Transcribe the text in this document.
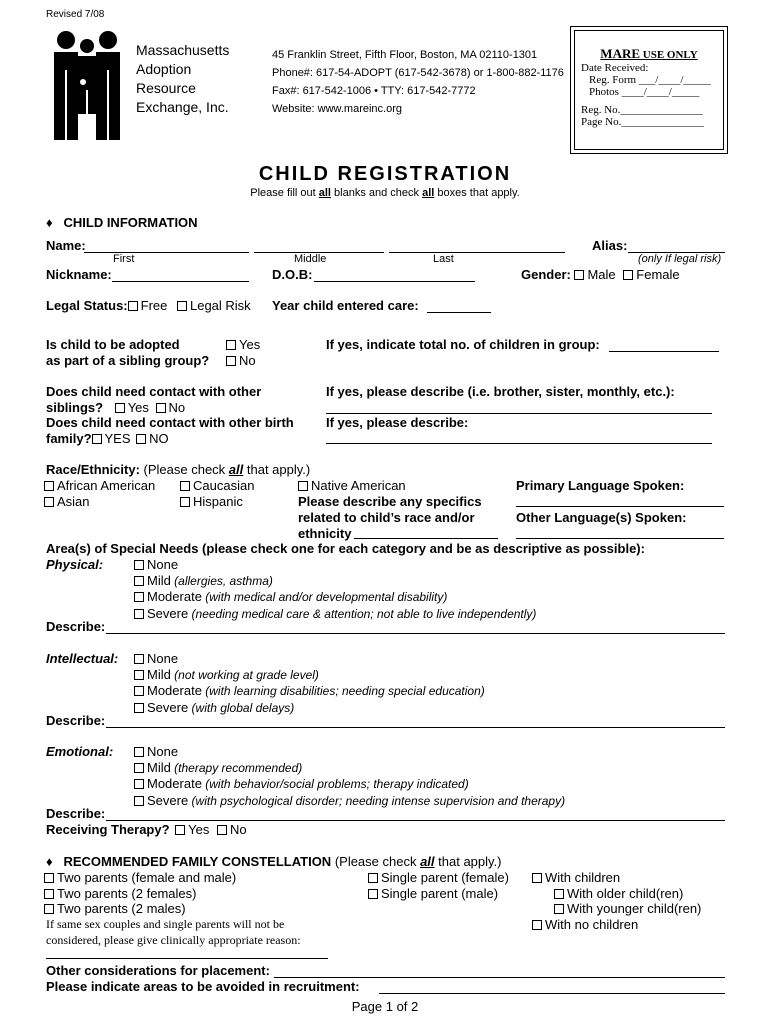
Revised 7/08
Massachusetts
Adoption
Resource
Exchange, Inc.
45 Franklin Street, Fifth Floor, Boston, MA 02110-1301
Phone#: 617-54-ADOPT (617-542-3678) or 1-800-882-1176
Fax#: 617-542-1006 • TTY: 617-542-7772
Website: www.mareinc.org
MARE USE ONLY
Date Received:
Reg. Form ___/____/_____
Photos ____/____/_____
Reg. No._______________
Page No._______________
CHILD REGISTRATION
Please fill out all blanks and check all boxes that apply.
♦ CHILD INFORMATION
Name:	Alias:
First	Middle	Last	(only If legal risk)
Nickname:	D.O.B:	Gender: Male Female
Legal Status: Free Legal Risk Year child entered care:
Is child to be adopted
as part of a sibling group?
Yes
No
If yes, indicate total no. of children in group:
Does child need contact with other
siblings? Yes No
If yes, please describe (i.e. brother, sister, monthly, etc.):
Does child need contact with other birth
family? YES NO
If yes, please describe:
Race/Ethnicity: (Please check all that apply.)
African American
Asian
Caucasian
Hispanic
Native American
Please describe any specifics
related to child’s race and/or
ethnicity
Primary Language Spoken:
Other Language(s) Spoken:
Area(s) of Special Needs (please check one for each category and be as descriptive as possible):
Physical:	None
Mild (allergies, asthma)
Moderate (with medical and/or developmental disability)
Severe (needing medical care & attention; not able to live independently)
Describe:
Intellectual:	None
Mild (not working at grade level)
Moderate (with learning disabilities; needing special education)
Severe (with global delays)
Describe:
Emotional:	None
Mild (therapy recommended)
Moderate (with behavior/social problems; therapy indicated)
Severe (with psychological disorder; needing intense supervision and therapy)
Describe:
Receiving Therapy? Yes No
♦ RECOMMENDED FAMILY CONSTELLATION (Please check all that apply.)
Two parents (female and male)
Two parents (2 females)
Two parents (2 males)
Single parent (female)
Single parent (male)
With children
With older child(ren)
With younger child(ren)
With no children
If same sex couples and single parents will not be
considered, please give clinically appropriate reason:
Other considerations for placement:
Please indicate areas to be avoided in recruitment:
Page 1 of 2
